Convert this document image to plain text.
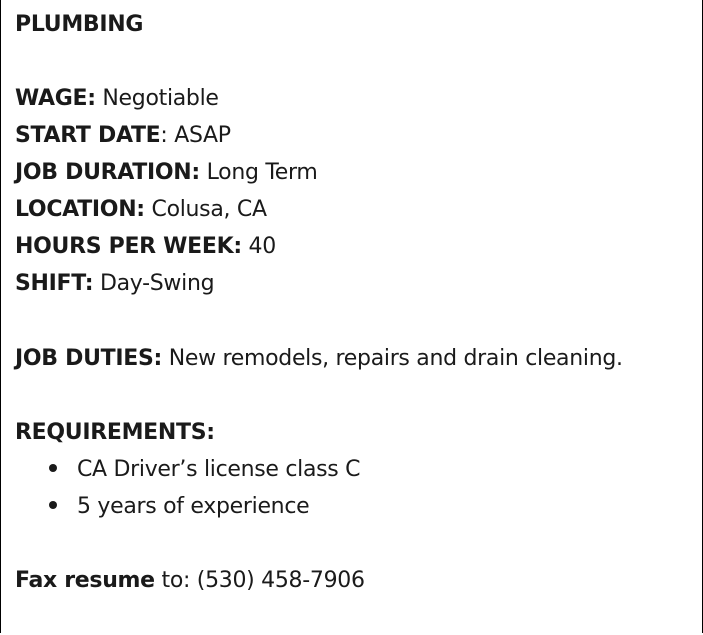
PLUMBING
WAGE: Negotiable
START DATE: ASAP
JOB DURATION: Long Term
LOCATION: Colusa, CA
HOURS PER WEEK: 40
SHIFT: Day-Swing
JOB DUTIES: New remodels, repairs and drain cleaning.
REQUIREMENTS:
CA Driver’s license class C
5 years of experience
Fax resume to: (530) 458-7906
